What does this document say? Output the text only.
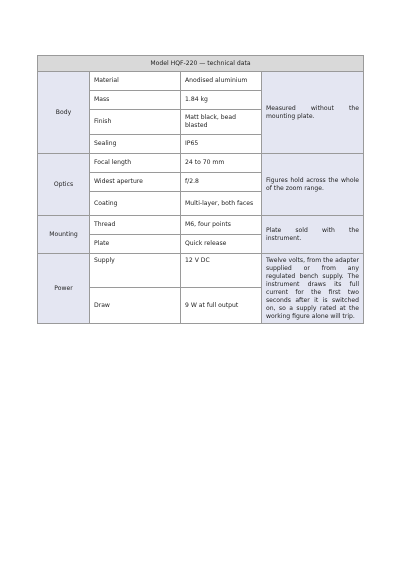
Model HQF-220 — technical data			
Body	Material	Anodised aluminium	Measured without the mounting plate.
	Mass	1.84 kg	
	Finish	Matt black, bead blasted	
	Sealing	IP65	
Optics	Focal length	24 to 70 mm	Figures hold across the whole of the zoom range.
	Widest aperture	f/2.8	
	Coating	Multi-layer, both faces	
Mounting	Thread	M6, four points	Plate sold with the instrument.
	Plate	Quick release	
Power	Supply	12 V DC	Twelve volts, from the adapter supplied or from any regulated bench supply. The instrument draws its full current for the first two seconds after it is switched on, so a supply rated at the working figure alone will trip.
	Draw	9 W at full output	
